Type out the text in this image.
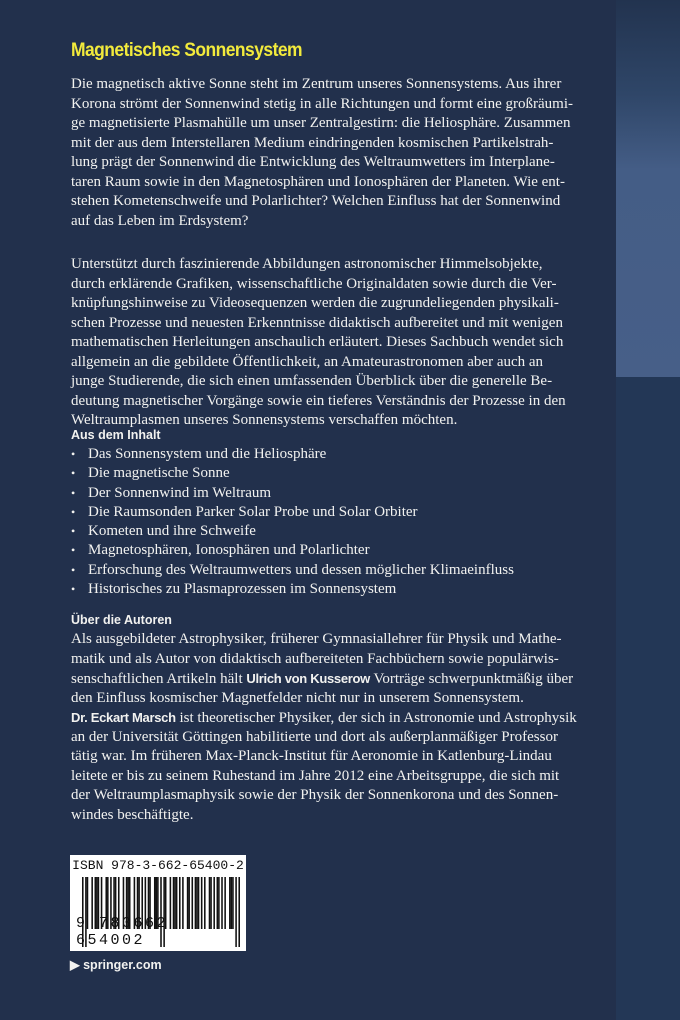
Magnetisches Sonnensystem
Die magnetisch aktive Sonne steht im Zentrum unseres Sonnensystems. Aus ihrer
Korona strömt der Sonnenwind stetig in alle Richtungen und formt eine großräumi-
ge magnetisierte Plasmahülle um unser Zentralgestirn: die Heliosphäre. Zusammen
mit der aus dem Interstellaren Medium eindringenden kosmischen Partikelstrah-
lung prägt der Sonnenwind die Entwicklung des Weltraumwetters im Interplane-
taren Raum sowie in den Magnetosphären und Ionosphären der Planeten. Wie ent-
stehen Kometenschweife und Polarlichter? Welchen Einfluss hat der Sonnenwind
auf das Leben im Erdsystem?
Unterstützt durch faszinierende Abbildungen astronomischer Himmelsobjekte,
durch erklärende Grafiken, wissenschaftliche Originaldaten sowie durch die Ver-
knüpfungshinweise zu Videosequenzen werden die zugrundeliegenden physikali-
schen Prozesse und neuesten Erkenntnisse didaktisch aufbereitet und mit wenigen
mathematischen Herleitungen anschaulich erläutert. Dieses Sachbuch wendet sich
allgemein an die gebildete Öffentlichkeit, an Amateurastronomen aber auch an
junge Studierende, die sich einen umfassenden Überblick über die generelle Be-
deutung magnetischer Vorgänge sowie ein tieferes Verständnis der Prozesse in den
Weltraumplasmen unseres Sonnensystems verschaffen möchten.
Aus dem Inhalt
• Das Sonnensystem und die Heliosphäre
• Die magnetische Sonne
• Der Sonnenwind im Weltraum
• Die Raumsonden Parker Solar Probe und Solar Orbiter
• Kometen und ihre Schweife
• Magnetosphären, Ionosphären und Polarlichter
• Erforschung des Weltraumwetters und dessen möglicher Klimaeinfluss
• Historisches zu Plasmaprozessen im Sonnensystem
Über die Autoren
Als ausgebildeter Astrophysiker, früherer Gymnasiallehrer für Physik und Mathe-
matik und als Autor von didaktisch aufbereiteten Fachbüchern sowie populärwis-
senschaftlichen Artikeln hält Ulrich von Kusserow Vorträge schwerpunktmäßig über
den Einfluss kosmischer Magnetfelder nicht nur in unserem Sonnensystem.
Dr. Eckart Marsch ist theoretischer Physiker, der sich in Astronomie und Astrophysik
an der Universität Göttingen habilitierte und dort als außerplanmäßiger Professor
tätig war. Im früheren Max-Planck-Institut für Aeronomie in Katlenburg-Lindau
leitete er bis zu seinem Ruhestand im Jahre 2012 eine Arbeitsgruppe, die sich mit
der Weltraumplasmaphysik sowie der Physik der Sonnenkorona und des Sonnen-
windes beschäftigte.
ISBN 978-3-662-65400-2
9 783662 654002
▶ springer.com
